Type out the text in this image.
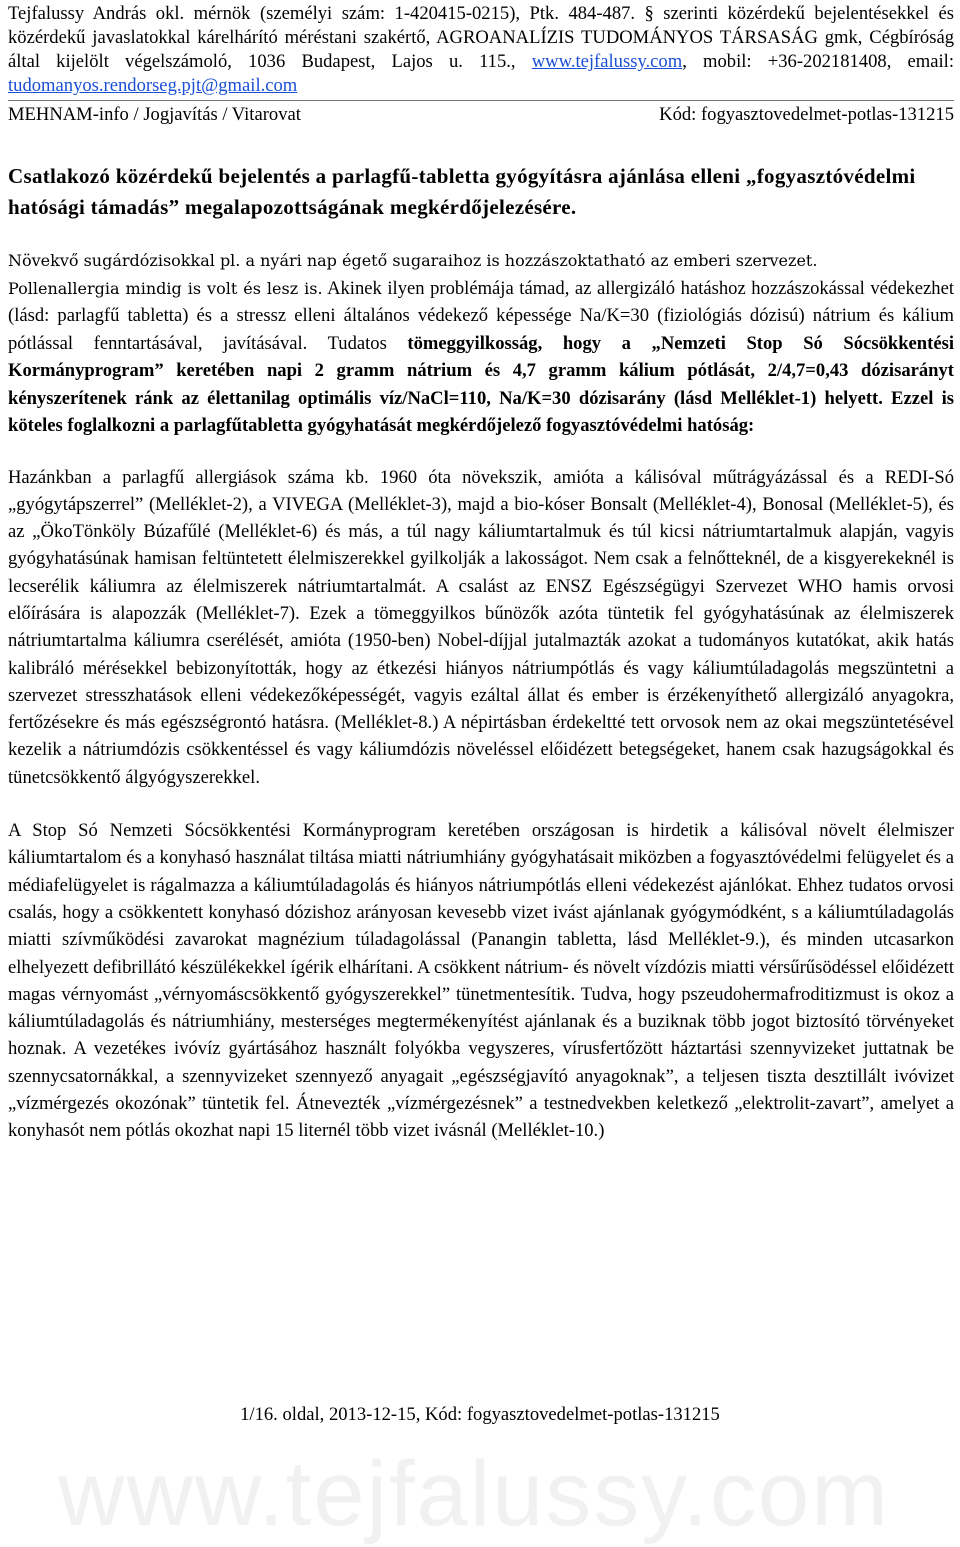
Tejfalussy András okl. mérnök (személyi szám: 1-420415-0215), Ptk. 484-487. § szerinti közérdekű bejelentésekkel és közérdekű javaslatokkal kárelhárító méréstani szakértő, AGROANALÍZIS TUDOMÁNYOS TÁRSASÁG gmk, Cégbíróság által kijelölt végelszámoló, 1036 Budapest, Lajos u. 115., www.tejfalussy.com, mobil: +36-202181408, email: tudomanyos.rendorseg.pjt@gmail.com
MEHNAM-info / Jogjavítás / Vitarovat	Kód: fogyasztovedelmet-potlas-131215
Csatlakozó közérdekű bejelentés a parlagfű-tabletta gyógyításra ajánlása elleni „fogyasztóvédelmi hatósági támadás” megalapozottságának megkérdőjelezésére.
Növekvő sugárdózisokkal pl. a nyári nap égető sugaraihoz is hozzászoktatható az emberi szervezet.
Pollenallergia mindig is volt és lesz is. Akinek ilyen problémája támad, az allergizáló hatáshoz hozzászokással védekezhet (lásd: parlagfű tabletta) és a stressz elleni általános védekező képessége Na/K=30 (fiziológiás dózisú) nátrium és kálium pótlással fenntartásával, javításával. Tudatos tömeggyilkosság, hogy a „Nemzeti Stop Só Sócsökkentési Kormányprogram” keretében napi 2 gramm nátrium és 4,7 gramm kálium pótlását, 2/4,7=0,43 dózisarányt kényszerítenek ránk az élettanilag optimális víz/NaCl=110, Na/K=30 dózisarány (lásd Melléklet-1) helyett. Ezzel is köteles foglalkozni a parlagfűtabletta gyógyhatását megkérdőjelező fogyasztóvédelmi hatóság:
Hazánkban a parlagfű allergiások száma kb. 1960 óta növekszik, amióta a kálisóval műtrágyázással és a REDI-Só „gyógytápszerrel” (Melléklet-2), a VIVEGA (Melléklet-3), majd a bio-kóser Bonsalt (Melléklet-4), Bonosal (Melléklet-5), és az „ÖkoTönköly Búzafűlé (Melléklet-6) és más, a túl nagy káliumtartalmuk és túl kicsi nátriumtartalmuk alapján, vagyis gyógyhatásúnak hamisan feltüntetett élelmiszerekkel gyilkolják a lakosságot. Nem csak a felnőtteknél, de a kisgyerekeknél is lecserélik káliumra az élelmiszerek nátriumtartalmát. A csalást az ENSZ Egészségügyi Szervezet WHO hamis orvosi előírására is alapozzák (Melléklet-7). Ezek a tömeggyilkos bűnözők azóta tüntetik fel gyógyhatásúnak az élelmiszerek nátriumtartalma káliumra cserélését, amióta (1950-ben) Nobel-díjjal jutalmazták azokat a tudományos kutatókat, akik hatás kalibráló mérésekkel bebizonyították, hogy az étkezési hiányos nátriumpótlás és vagy káliumtúladagolás megszüntetni a szervezet stresszhatások elleni védekezőképességét, vagyis ezáltal állat és ember is érzékenyíthető allergizáló anyagokra, fertőzésekre és más egészségrontó hatásra. (Melléklet-8.) A népirtásban érdekeltté tett orvosok nem az okai megszüntetésével kezelik a nátriumdózis csökkentéssel és vagy káliumdózis növeléssel előidézett betegségeket, hanem csak hazugságokkal és tünetcsökkentő álgyógyszerekkel.
A Stop Só Nemzeti Sócsökkentési Kormányprogram keretében országosan is hirdetik a kálisóval növelt élelmiszer káliumtartalom és a konyhasó használat tiltása miatti nátriumhiány gyógyhatásait miközben a fogyasztóvédelmi felügyelet és a médiafelügyelet is rágalmazza a káliumtúladagolás és hiányos nátriumpótlás elleni védekezést ajánlókat. Ehhez tudatos orvosi csalás, hogy a csökkentett konyhasó dózishoz arányosan kevesebb vizet ivást ajánlanak gyógymódként, s a káliumtúladagolás miatti szívműködési zavarokat magnézium túladagolással (Panangin tabletta, lásd Melléklet-9.), és minden utcasarkon elhelyezett defibrillátó készülékekkel ígérik elhárítani. A csökkent nátrium- és növelt vízdózis miatti vérsűrűsödéssel előidézett magas vérnyomást „vérnyomáscsökkentő gyógyszerekkel” tünetmentesítik. Tudva, hogy pszeudohermafroditizmust is okoz a káliumtúladagolás és nátriumhiány, mesterséges megtermékenyítést ajánlanak és a buziknak több jogot biztosító törvényeket hoznak. A vezetékes ivóvíz gyártásához használt folyókba vegyszeres, vírusfertőzött háztartási szennyvizeket juttatnak be szennycsatornákkal, a szennyvizeket szennyező anyagait „egészségjavító anyagoknak”, a teljesen tiszta desztillált ivóvizet „vízmérgezés okozónak” tüntetik fel. Átnevezték „vízmérgezésnek” a testnedvekben keletkező „elektrolit-zavart”, amelyet a konyhasót nem pótlás okozhat napi 15 liternél több vizet ivásnál (Melléklet-10.)
1/16. oldal, 2013-12-15, Kód: fogyasztovedelmet-potlas-131215
www.tejfalussy.com
